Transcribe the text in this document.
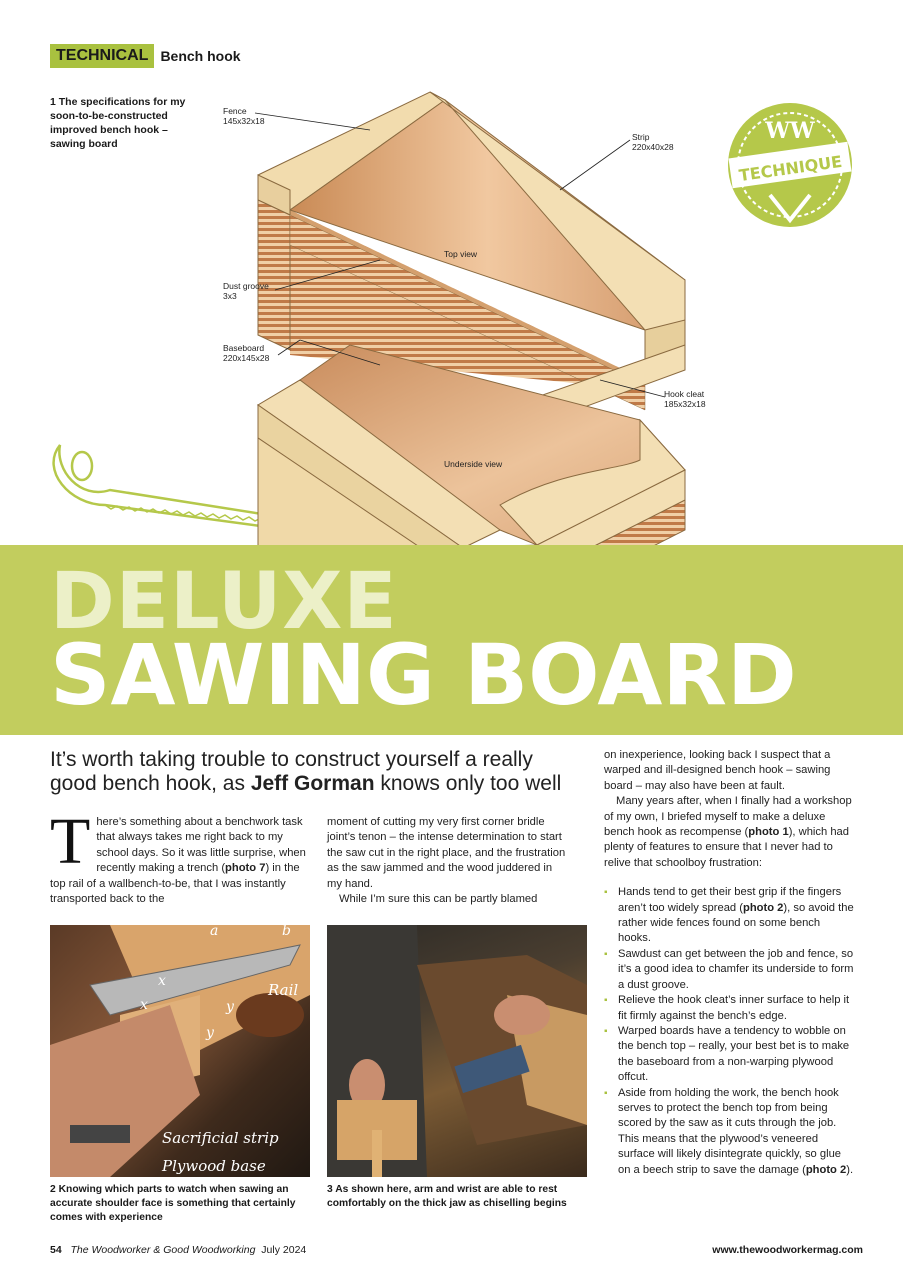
TECHNICAL Bench hook
1 The specifications for my soon-to-be-constructed improved bench hook – sawing board	WW
TECHNIQUE
Fence
145x32x18
Strip
220x40x28
Top view
Dust groove
3x3
Baseboard
220x145x28
Hook cleat
185x32x18
Underside view
DELUXE
SAWING BOARD
It’s worth taking trouble to construct yourself a really good bench hook, as Jeff Gorman knows only too well
There’s something about a benchwork task that always takes me right back to my school days. So it was little surprise, when recently making a trench (photo 7) in the top rail of a wallbench-to-be, that I was instantly transported back to the

moment of cutting my very first corner bridle joint’s tenon – the intense determination to start the saw cut in the right place, and the frustration as the saw jammed and the wood juddered in my hand.

While I’m sure this can be partly blamed

on inexperience, looking back I suspect that a warped and ill-designed bench hook – sawing board – may also have been at fault.

Many years after, when I finally had a workshop of my own, I briefed myself to make a deluxe bench hook as recompense (photo 1), which had plenty of features to ensure that I never had to relive that schoolboy frustration:

▪ Hands tend to get their best grip if the fingers aren’t too widely spread (photo 2), so avoid the rather wide fences found on some bench hooks.
▪ Sawdust can get between the job and fence, so it’s a good idea to chamfer its underside to form a dust groove.
▪ Relieve the hook cleat’s inner surface to help it fit firmly against the bench’s edge.
▪ Warped boards have a tendency to wobble on the bench top – really, your best bet is to make the baseboard from a non-warping plywood offcut.
▪ Aside from holding the work, the bench hook serves to protect the bench top from being scored by the saw as it cuts through the job. This means that the plywood’s veneered surface will likely disintegrate quickly, so glue on a beech strip to save the damage (photo 2).
a	b
x
x	y
y
Rail
Sacrificial strip
Plywood base
2 Knowing which parts to watch when sawing an accurate shoulder face is something that certainly comes with experience
3 As shown here, arm and wrist are able to rest comfortably on the thick jaw as chiselling begins
54 The Woodworker & Good Woodworking July 2024	www.thewoodworkermag.com
